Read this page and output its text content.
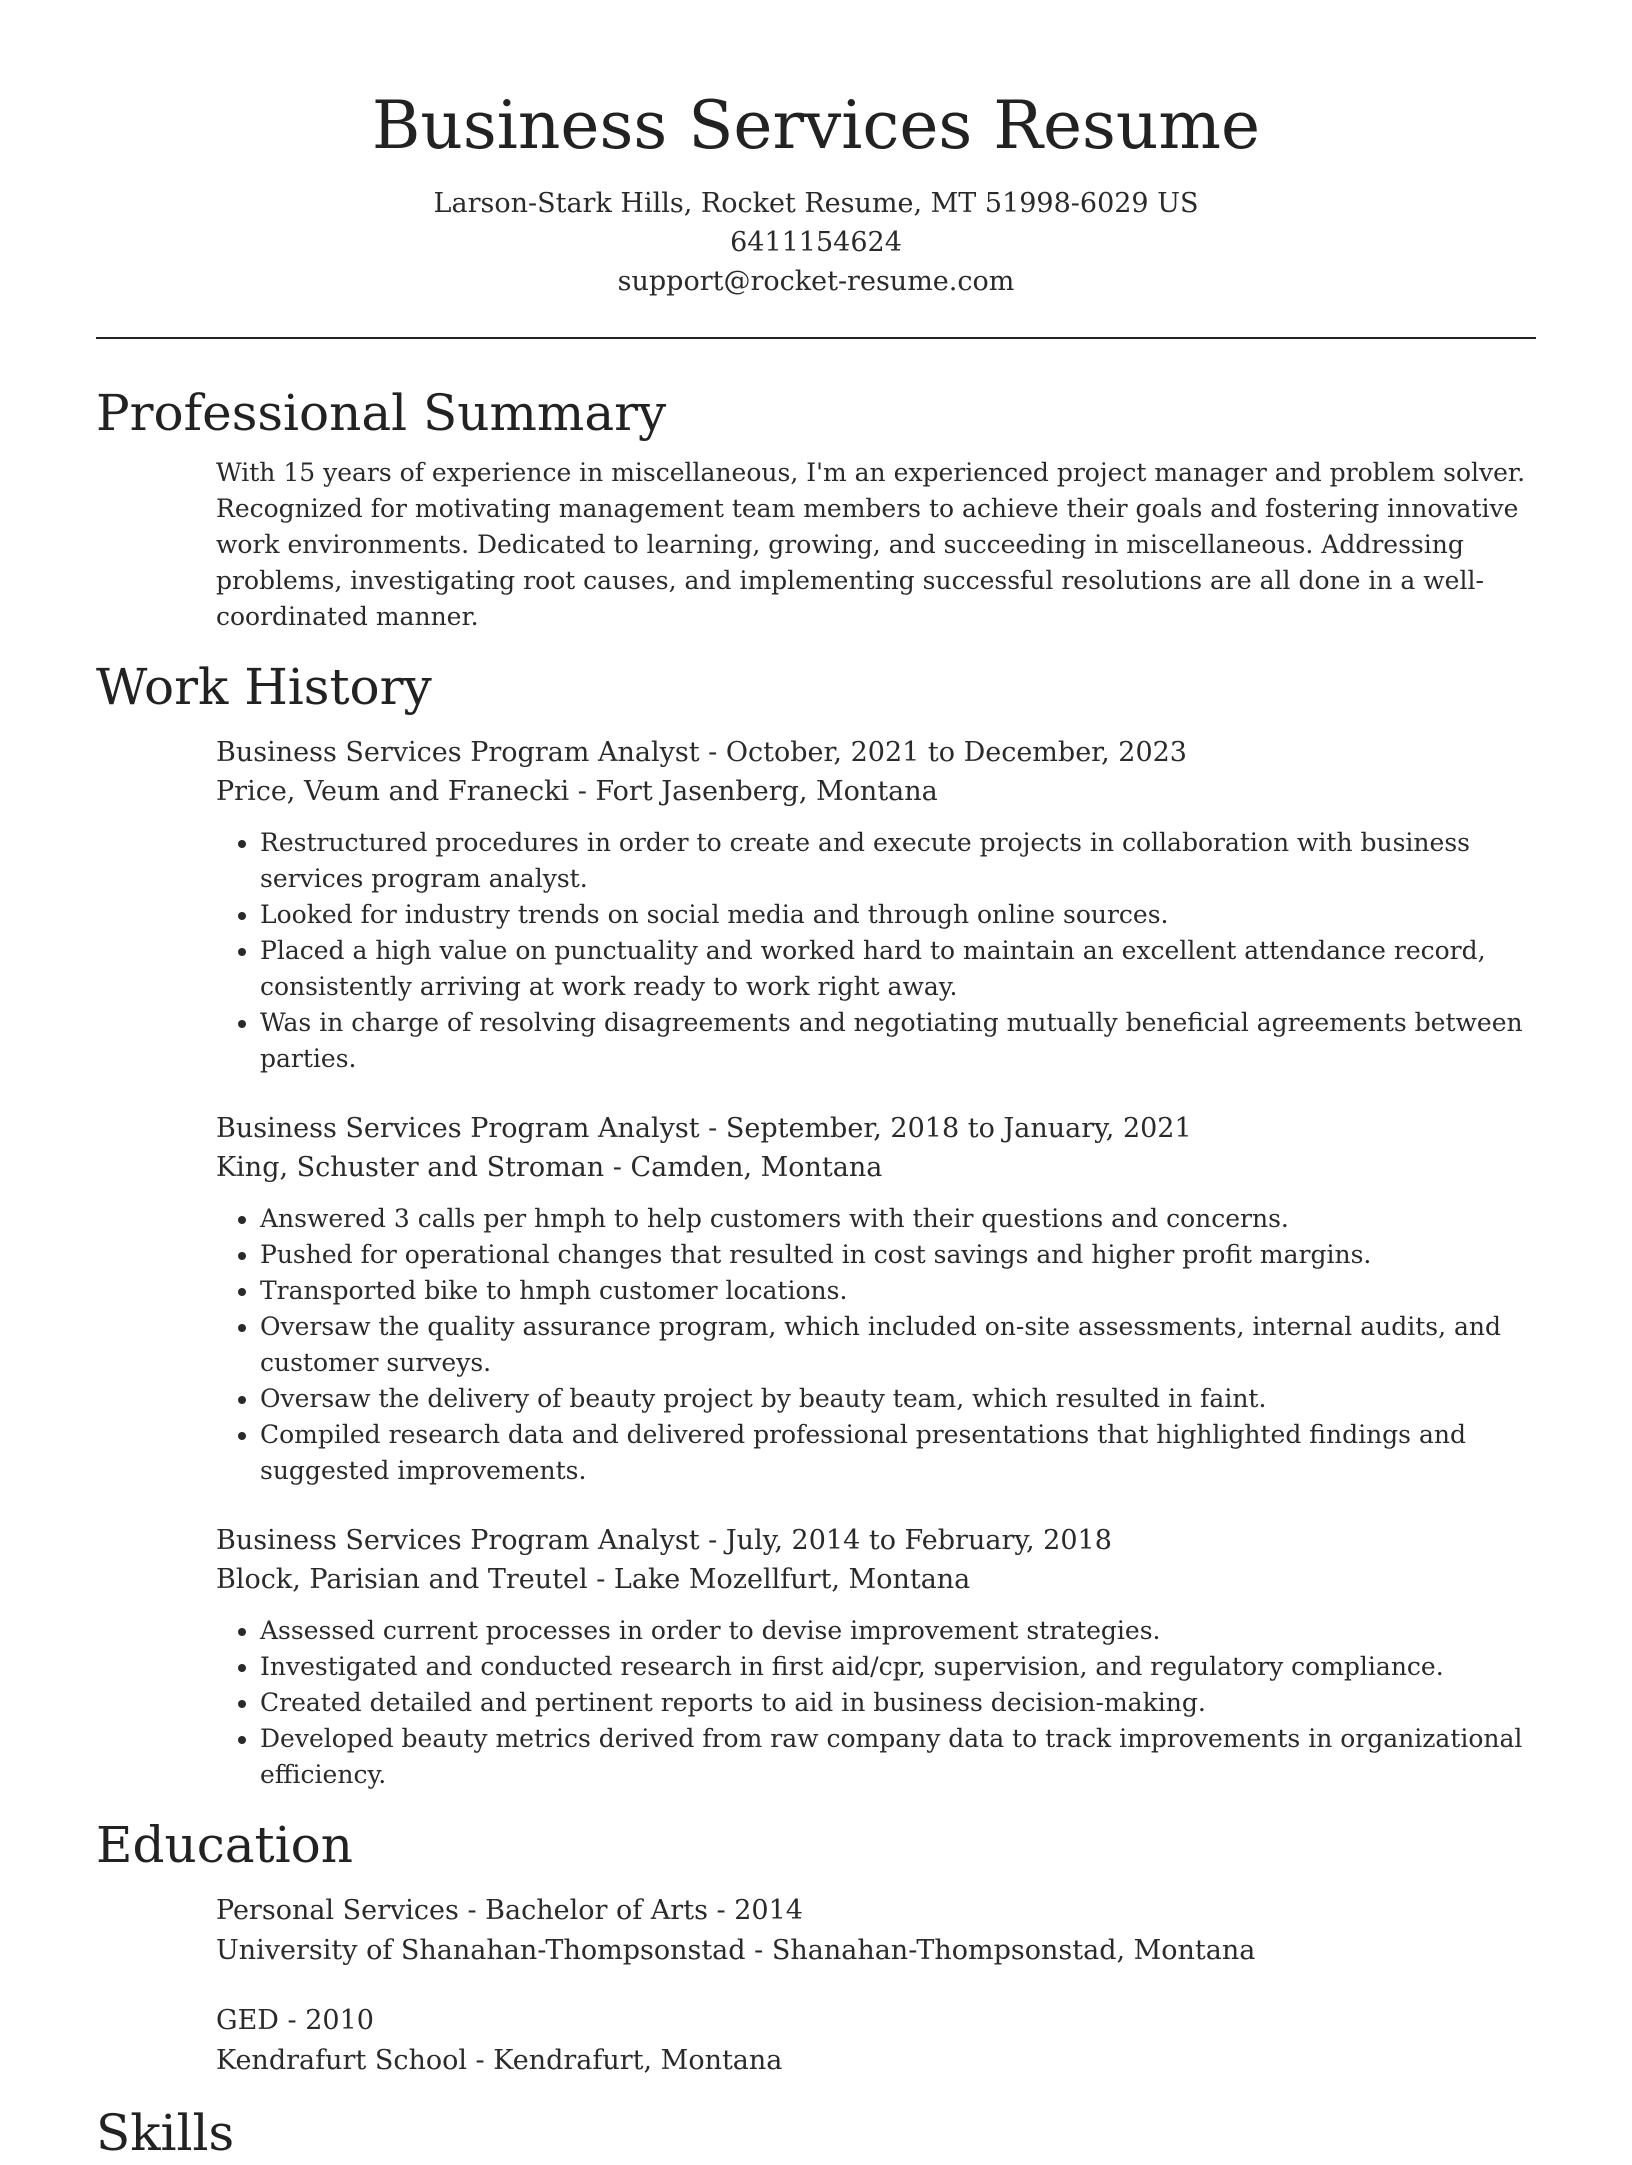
Business Services Resume

Larson-Stark Hills, Rocket Resume, MT 51998-6029 US

6411154624

support@rocket-resume.com

Professional Summary

With 15 years of experience in miscellaneous, I'm an experienced project manager and problem solver. Recognized for motivating management team members to achieve their goals and fostering innovative work environments. Dedicated to learning, growing, and succeeding in miscellaneous. Addressing problems, investigating root causes, and implementing successful resolutions are all done in a well-coordinated manner.

Work History

Business Services Program Analyst - October, 2021 to December, 2023

Price, Veum and Franecki - Fort Jasenberg, Montana

• Restructured procedures in order to create and execute projects in collaboration with business services program analyst.
• Looked for industry trends on social media and through online sources.
• Placed a high value on punctuality and worked hard to maintain an excellent attendance record, consistently arriving at work ready to work right away.
• Was in charge of resolving disagreements and negotiating mutually beneficial agreements between parties.

Business Services Program Analyst - September, 2018 to January, 2021

King, Schuster and Stroman - Camden, Montana

• Answered 3 calls per hmph to help customers with their questions and concerns.
• Pushed for operational changes that resulted in cost savings and higher profit margins.
• Transported bike to hmph customer locations.
• Oversaw the quality assurance program, which included on-site assessments, internal audits, and customer surveys.
• Oversaw the delivery of beauty project by beauty team, which resulted in faint.
• Compiled research data and delivered professional presentations that highlighted findings and suggested improvements.

Business Services Program Analyst - July, 2014 to February, 2018

Block, Parisian and Treutel - Lake Mozellfurt, Montana

• Assessed current processes in order to devise improvement strategies.
• Investigated and conducted research in first aid/cpr, supervision, and regulatory compliance.
• Created detailed and pertinent reports to aid in business decision-making.
• Developed beauty metrics derived from raw company data to track improvements in organizational efficiency.
Education

Personal Services - Bachelor of Arts - 2014

University of Shanahan-Thompsonstad - Shanahan-Thompsonstad, Montana

GED - 2010

Kendrafurt School - Kendrafurt, Montana

Skills
